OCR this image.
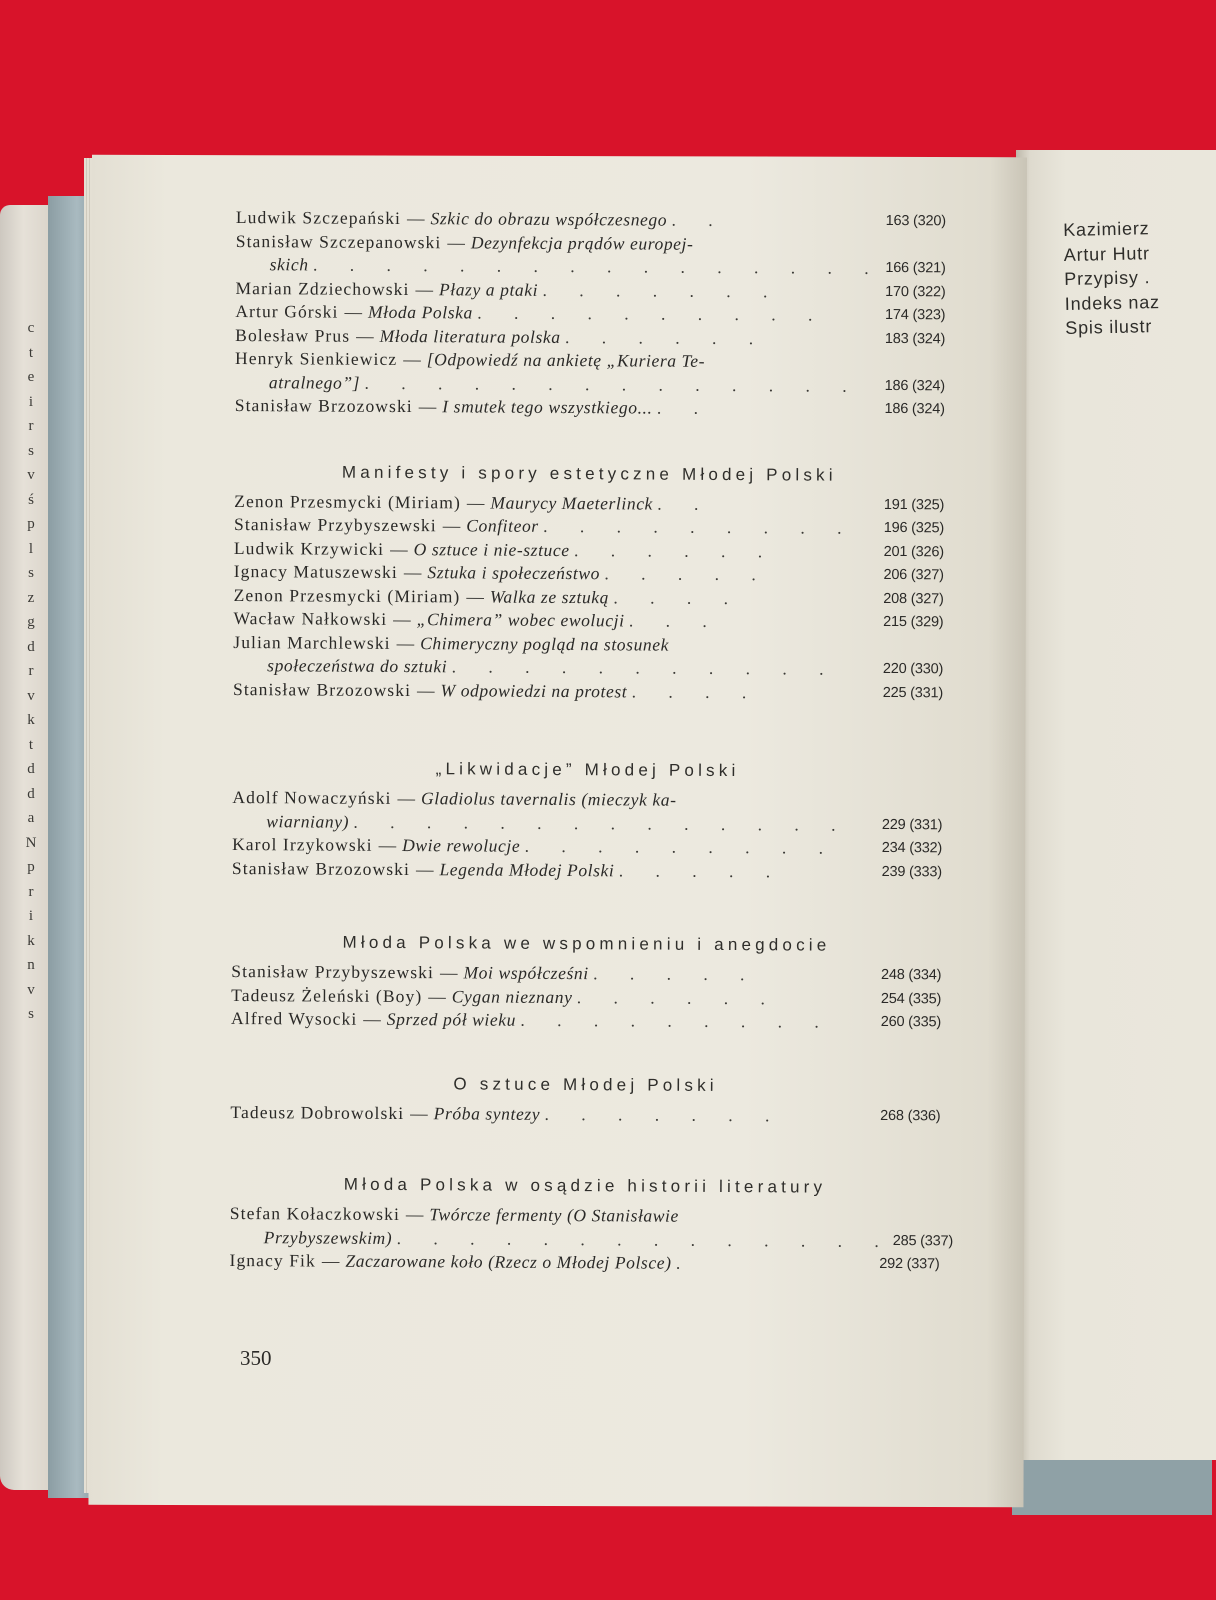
c
t
e
i
r
s
v
ś
p
l
s
z
g
d
r
v
k
t
d
d
a
N
p
r
i
k
n
v
s
Kazimierz
Artur Hutr
Przypisy .
Indeks naz
Spis ilustr
Ludwik Szczepański — Szkic do obrazu współczesnego . .	163 (320)
Stanisław Szczepanowski — Dezynfekcja prądów europej-
skich . . . . . . . . . . . . . . . . 166 (321)
Marian Zdziechowski — Płazy a ptaki . . . . . . .	170 (322)
Artur Górski — Młoda Polska . . . . . . . . . .	174 (323)
Bolesław Prus — Młoda literatura polska . . . . . .	183 (324)
Henryk Sienkiewicz — [Odpowiedź na ankietę „Kuriera Te-
atralnego”] . . . . . . . . . . . . . .	186 (324)
Stanisław Brzozowski — I smutek tego wszystkiego... . .	186 (324)
Manifesty i spory estetyczne Młodej Polski
Zenon Przesmycki (Miriam) — Maurycy Maeterlinck . .	191 (325)
Stanisław Przybyszewski — Confiteor . . . . . . . . .	196 (325)
Ludwik Krzywicki — O sztuce i nie-sztuce . . . . . .	201 (326)
Ignacy Matuszewski — Sztuka i społeczeństwo . . . . .	206 (327)
Zenon Przesmycki (Miriam) — Walka ze sztuką . . . .	208 (327)
Wacław Nałkowski — „Chimera” wobec ewolucji . . .	215 (329)
Julian Marchlewski — Chimeryczny pogląd na stosunek
społeczeństwa do sztuki . . . . . . . . . . .	220 (330)
Stanisław Brzozowski — W odpowiedzi na protest . . . .	225 (331)
„Likwidacje” Młodej Polski
Adolf Nowaczyński — Gladiolus tavernalis (mieczyk ka-
wiarniany) . . . . . . . . . . . . . .	229 (331)
Karol Irzykowski — Dwie rewolucje . . . . . . . . .	234 (332)
Stanisław Brzozowski — Legenda Młodej Polski . . . . .	239 (333)
Młoda Polska we wspomnieniu i anegdocie
Stanisław Przybyszewski — Moi współcześni . . . . .	248 (334)
Tadeusz Żeleński (Boy) — Cygan nieznany . . . . . .	254 (335)
Alfred Wysocki — Sprzed pół wieku . . . . . . . . .	260 (335)
O sztuce Młodej Polski
Tadeusz Dobrowolski — Próba syntezy . . . . . . .	268 (336)
Młoda Polska w osądzie historii literatury
Stefan Kołaczkowski — Twórcze fermenty (O Stanisławie
Przybyszewskim) . . . . . . . . . . . . . . 285 (337)
Ignacy Fik — Zaczarowane koło (Rzecz o Młodej Polsce) .	292 (337)
350
